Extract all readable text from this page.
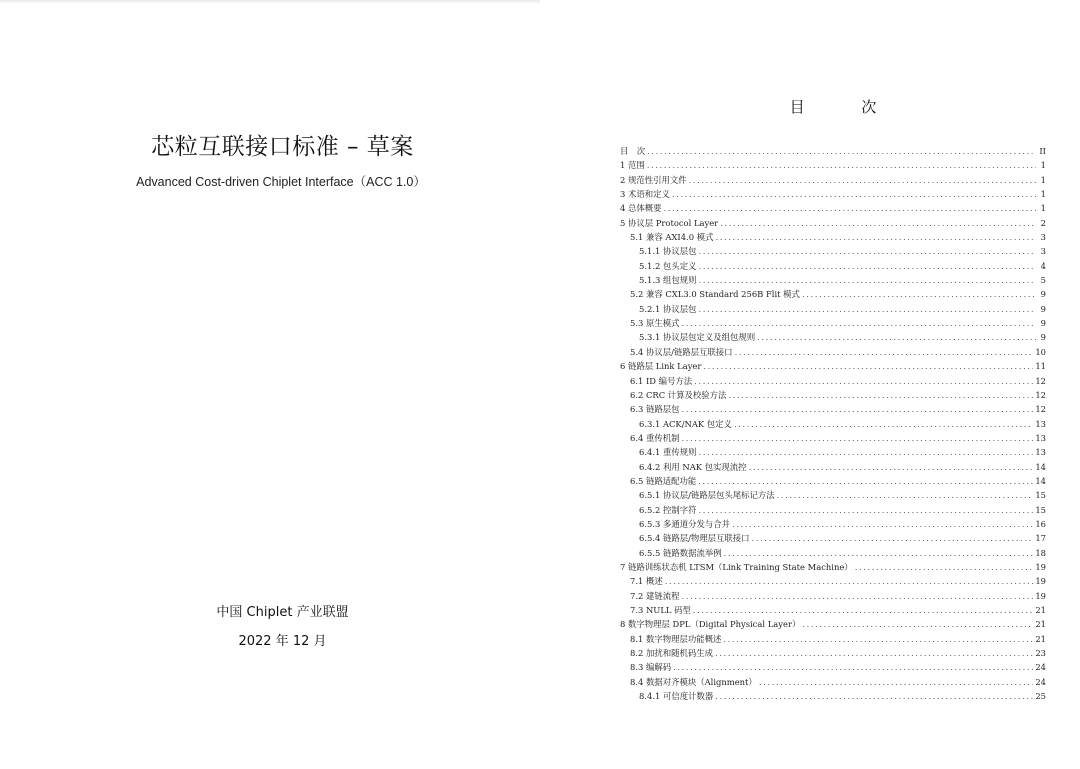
芯粒互联接口标准 – 草案
Advanced Cost-driven Chiplet Interface（ACC 1.0）
中国 Chiplet 产业联盟
2022 年 12 月
目 次
目　次 .....	II
1 范围 .....	1
2 规范性引用文件 .....	1
3 术语和定义 .....	1
4 总体概要 .....	1
5 协议层 Protocol Layer .....	2
5.1 兼容 AXI4.0 模式 .....	3
5.1.1 协议层包 .....	3
5.1.2 包头定义 .....	4
5.1.3 组包规则 .....	5
5.2 兼容 CXL3.0 Standard 256B Flit 模式 .....	9
5.2.1 协议层包 .....	9
5.3 原生模式 .....	9
5.3.1 协议层包定义及组包规则 .....	9
5.4 协议层/链路层互联接口 .....	10
6 链路层 Link Layer .....	11
6.1 ID 编号方法 .....	12
6.2 CRC 计算及校验方法 .....	12
6.3 链路层包 .....	12
6.3.1 ACK/NAK 包定义 .....	13
6.4 重传机制 .....	13
6.4.1 重传规则 .....	13
6.4.2 利用 NAK 包实现流控 .....	14
6.5 链路适配功能 .....	14
6.5.1 协议层/链路层包头尾标记方法 .....	15
6.5.2 控制字符 .....	15
6.5.3 多通道分发与合并 .....	16
6.5.4 链路层/物理层互联接口 .....	17
6.5.5 链路数据流举例 .....	18
7 链路训练状态机 LTSM（Link Training State Machine） .....	19
7.1 概述 .....	19
7.2 建链流程 .....	19
7.3 NULL 码型 .....	21
8 数字物理层 DPL（Digital Physical Layer） .....	21
8.1 数字物理层功能概述 .....	21
8.2 加扰和随机码生成 .....	23
8.3 编解码 .....	24
8.4 数据对齐模块（Alignment） .....	24
8.4.1 可信度计数器 .....	25
